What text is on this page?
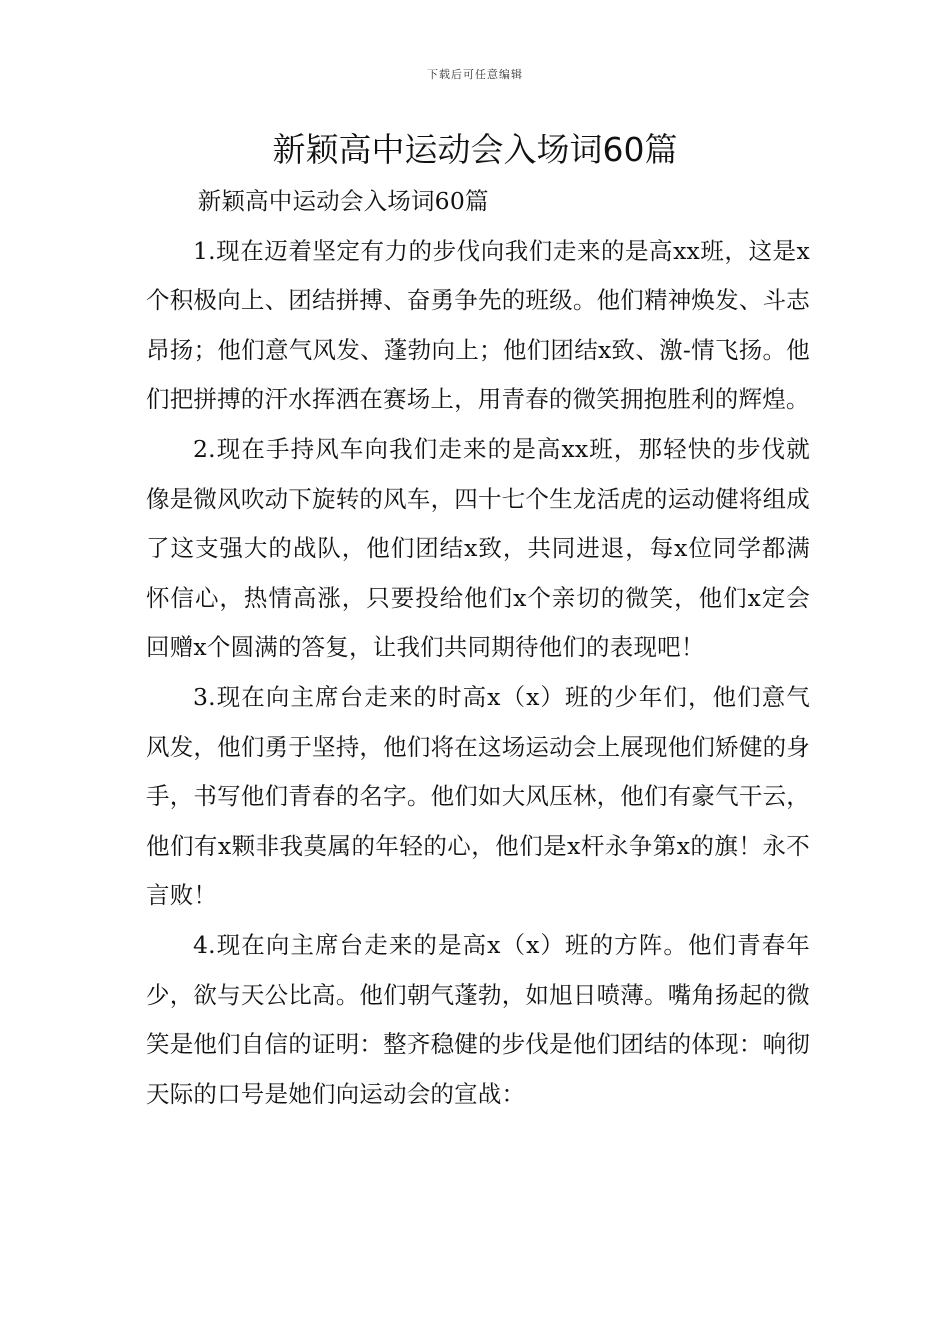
下载后可任意编辑
新颖高中运动会入场词60篇

新颖高中运动会入场词60篇

1.现在迈着坚定有力的步伐向我们走来的是高xx班，这是x个积极向上、团结拼搏、奋勇争先的班级。他们精神焕发、斗志昂扬；他们意气风发、蓬勃向上；他们团结x致、激-情飞扬。他们把拼搏的汗水挥洒在赛场上，用青春的微笑拥抱胜利的辉煌。

2.现在手持风车向我们走来的是高xx班，那轻快的步伐就像是微风吹动下旋转的风车，四十七个生龙活虎的运动健将组成了这支强大的战队，他们团结x致，共同进退，每x位同学都满怀信心，热情高涨，只要投给他们x个亲切的微笑，他们x定会回赠x个圆满的答复，让我们共同期待他们的表现吧！

3.现在向主席台走来的时高x（x）班的少年们，他们意气风发，他们勇于坚持，他们将在这场运动会上展现他们矫健的身手，书写他们青春的名字。他们如大风压林，他们有豪气干云，他们有x颗非我莫属的年轻的心，他们是x杆永争第x的旗！永不言败！

4.现在向主席台走来的是高x（x）班的方阵。他们青春年少，欲与天公比高。他们朝气蓬勃，如旭日喷薄。嘴角扬起的微笑是他们自信的证明：整齐稳健的步伐是他们团结的体现：响彻天际的口号是她们向运动会的宣战：
